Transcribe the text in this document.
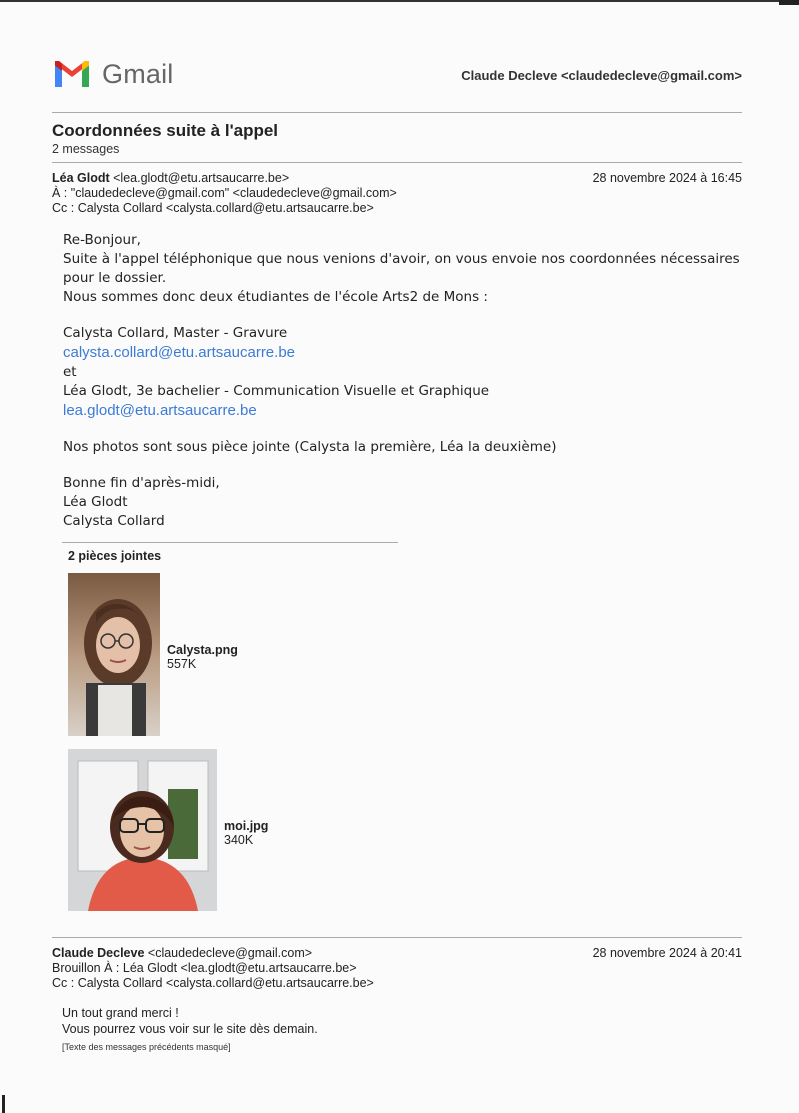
Gmail	Claude Decleve <claudedecleve@gmail.com>
Coordonnées suite à l'appel
2 messages
Léa Glodt <lea.glodt@etu.artsaucarre.be>
À : "claudedecleve@gmail.com" <claudedecleve@gmail.com>
Cc : Calysta Collard <calysta.collard@etu.artsaucarre.be>
28 novembre 2024 à 16:45

Re-Bonjour,

Suite à l'appel téléphonique que nous venions d'avoir, on vous envoie nos coordonnées nécessaires pour le dossier.

Nous sommes donc deux étudiantes de l'école Arts2 de Mons :

Calysta Collard, Master - Gravure

calysta.collard@etu.artsaucarre.be

et

Léa Glodt, 3e bachelier - Communication Visuelle et Graphique

lea.glodt@etu.artsaucarre.be

Nos photos sont sous pièce jointe (Calysta la première, Léa la deuxième)

Bonne fin d'après-midi,

Léa Glodt

Calysta Collard

2 pièces jointes
Calysta.png
557K
moi.jpg
340K
Claude Decleve <claudedecleve@gmail.com>
Brouillon À : Léa Glodt <lea.glodt@etu.artsaucarre.be>
Cc : Calysta Collard <calysta.collard@etu.artsaucarre.be>
28 novembre 2024 à 20:41
Un tout grand merci !
Vous pourrez vous voir sur le site dès demain.
[Texte des messages précédents masqué]
